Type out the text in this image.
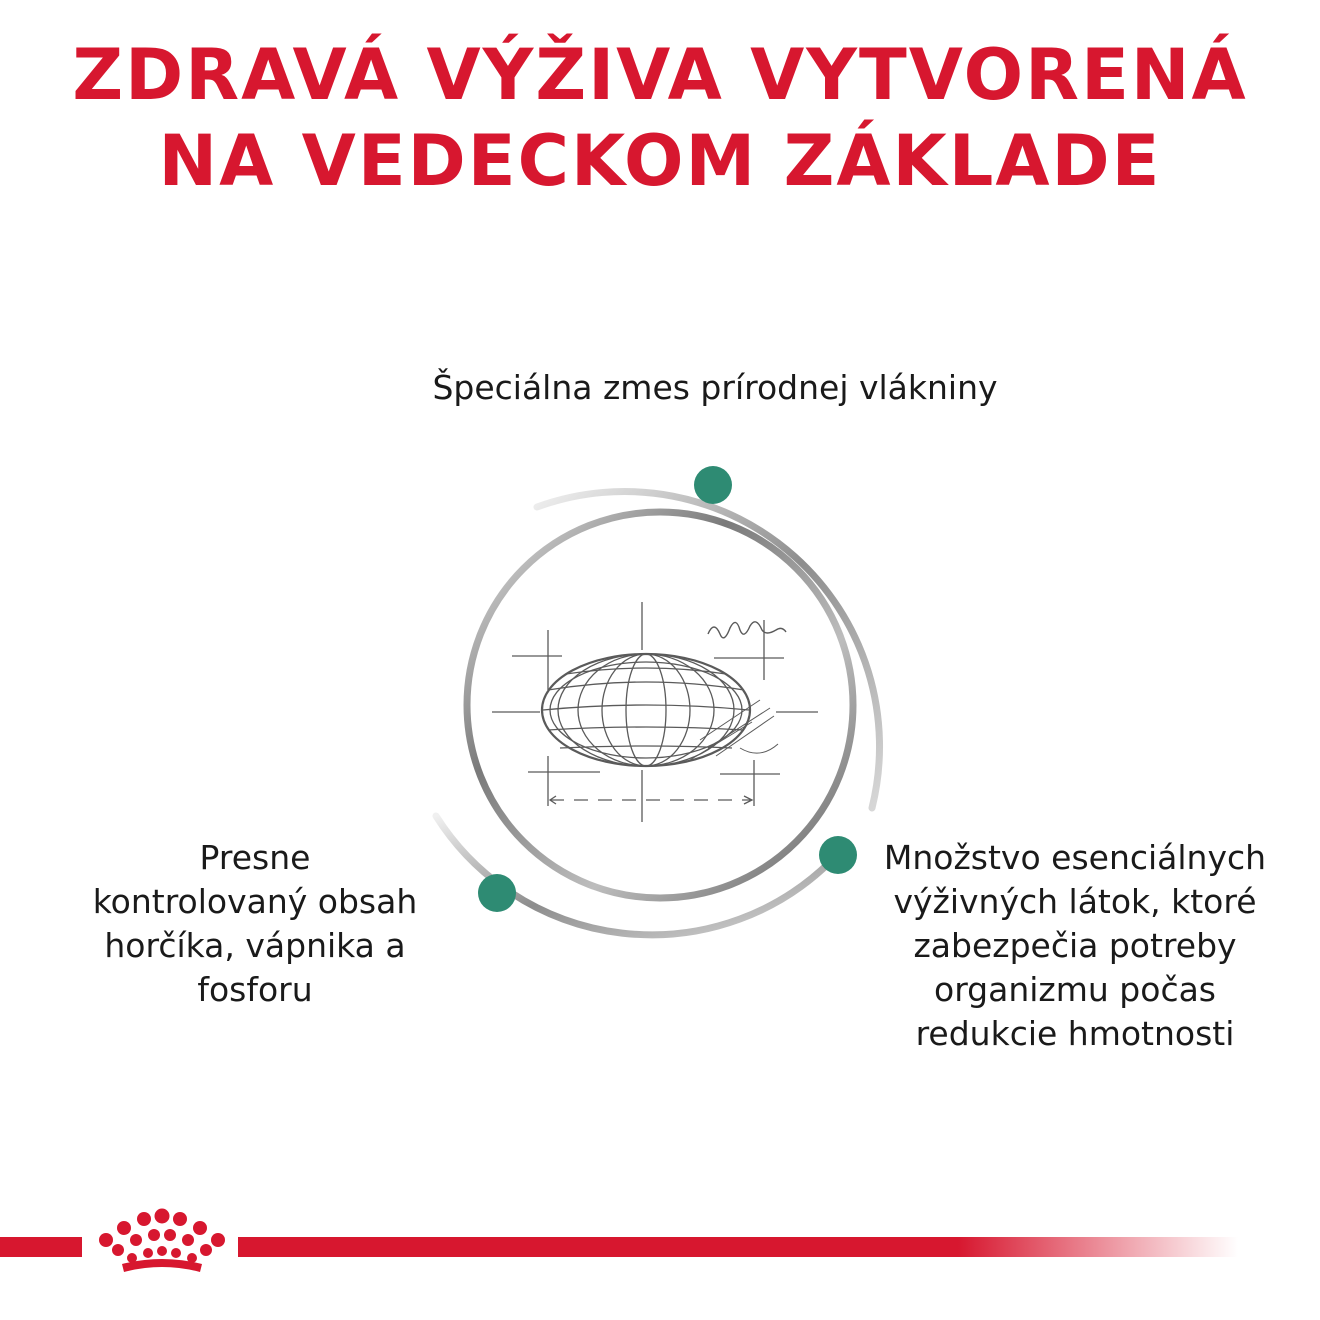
ZDRAVÁ VÝŽIVA VYTVORENÁ
NA VEDECKOM ZÁKLADE
Špeciálna zmes prírodnej vlákniny
Presne
kontrolovaný obsah
horčíka, vápnika a
fosforu
Množstvo esenciálnych
výživných látok, ktoré
zabezpečia potreby
organizmu počas
redukcie hmotnosti
